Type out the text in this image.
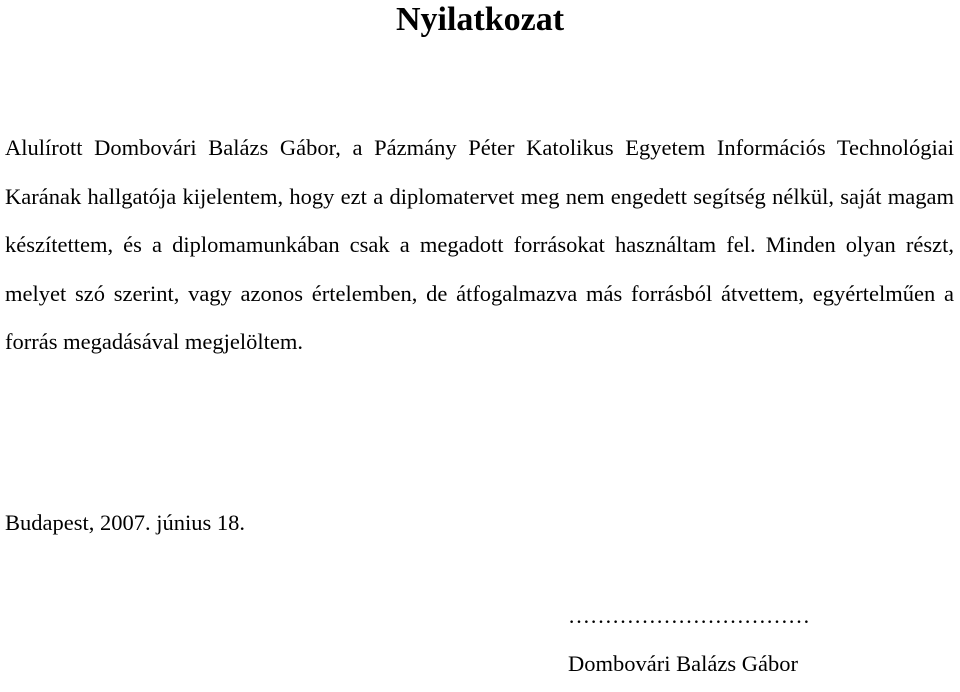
Nyilatkozat

Alulírott Dombovári Balázs Gábor, a Pázmány Péter Katolikus Egyetem Információs Technológiai Karának hallgatója kijelentem, hogy ezt a diplomatervet meg nem engedett segítség nélkül, saját magam készítettem, és a diplomamunkában csak a megadott forrásokat használtam fel. Minden olyan részt, melyet szó szerint, vagy azonos értelemben, de átfogalmazva más forrásból átvettem, egyértelműen a forrás megadásával megjelöltem.

Budapest, 2007. június 18.

……………………………
Dombovári Balázs Gábor
